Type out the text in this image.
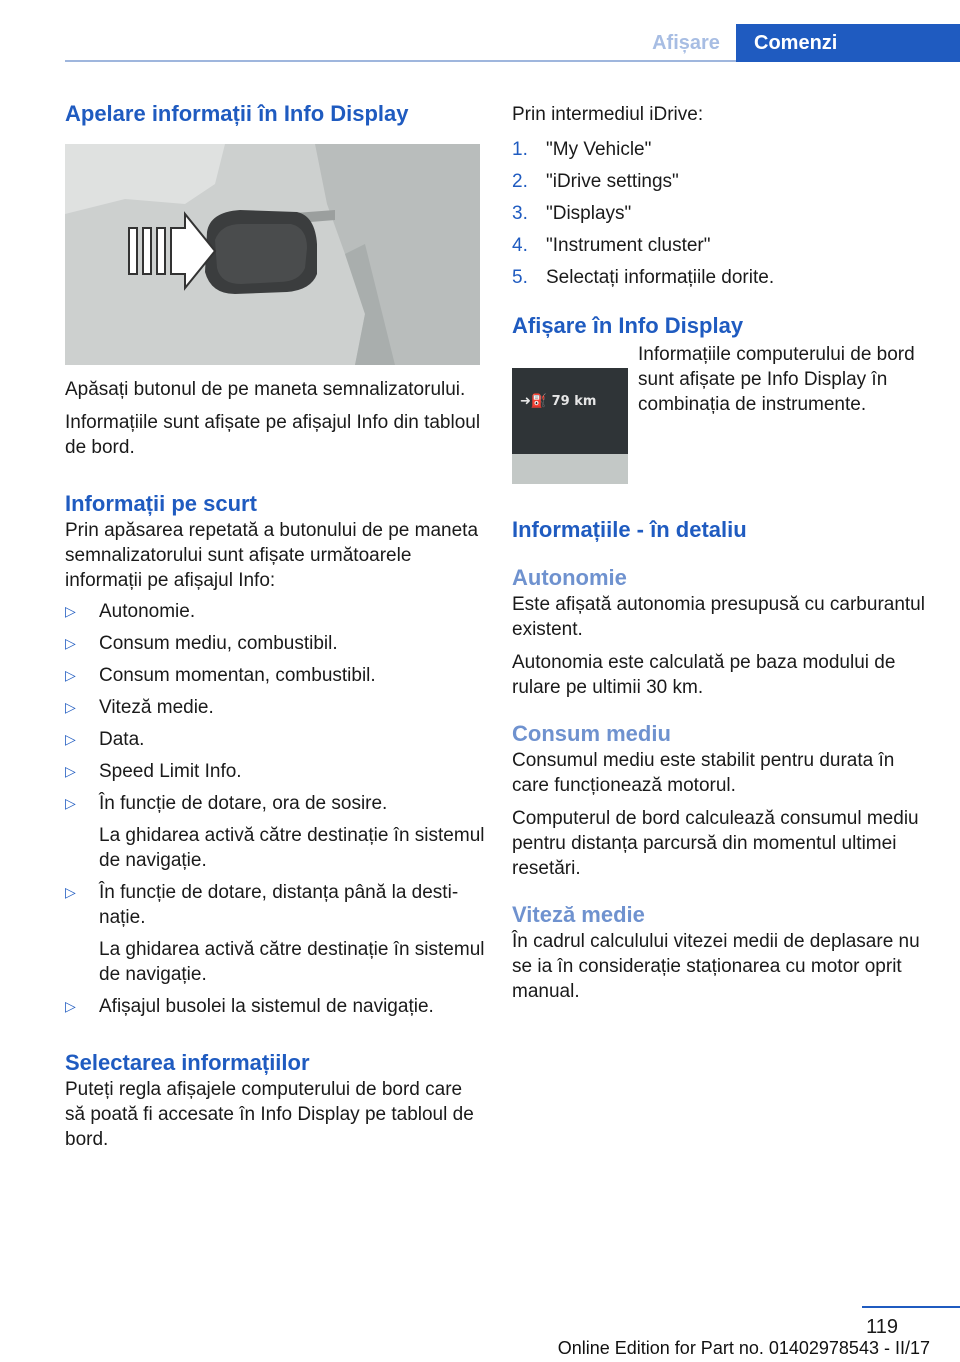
Afișare	Comenzi
Apelare informații în Info Display

Apăsați butonul de pe maneta semnalizatorului.

Informațiile sunt afișate pe afișajul Info din tabloul de bord.

Informații pe scurt

Prin apăsarea repetată a butonului de pe maneta semnalizatorului sunt afișate următoarele informații pe afișajul Info:

▷ Autonomie.
▷ Consum mediu, combustibil.
▷ Consum momentan, combustibil.
▷ Viteză medie.
▷ Data.
▷ Speed Limit Info.
▷ În funcție de dotare, ora de sosire.
La ghidarea activă către destinație în sistemul de navigație.
▷ În funcție de dotare, distanța până la destinație.
La ghidarea activă către destinație în sistemul de navigație.
▷ Afișajul busolei la sistemul de navigație.
Selectarea informațiilor

Puteți regla afișajele computerului de bord care să poată fi accesate în Info Display pe tabloul de bord.

Prin intermediul iDrive:

1. "My Vehicle"
2. "iDrive settings"
3. "Displays"
4. "Instrument cluster"
5. Selectați informațiile dorite.
Afișare în Info Display
➜⛽ 79 km

Informațiile computerului de bord sunt afișate pe Info Display în combinația de instrumente.

Informațiile - în detaliu
Autonomie

Este afișată autonomia presupusă cu carburantul existent.

Autonomia este calculată pe baza modului de rulare pe ultimii 30 km.

Consum mediu

Consumul mediu este stabilit pentru durata în care funcționează motorul.

Computerul de bord calculează consumul mediu pentru distanța parcursă din momentul ultimei resetări.

Viteză medie

În cadrul calculului vitezei medii de deplasare nu se ia în considerație staționarea cu motor oprit manual.

119
Online Edition for Part no. 01402978543 - II/17
